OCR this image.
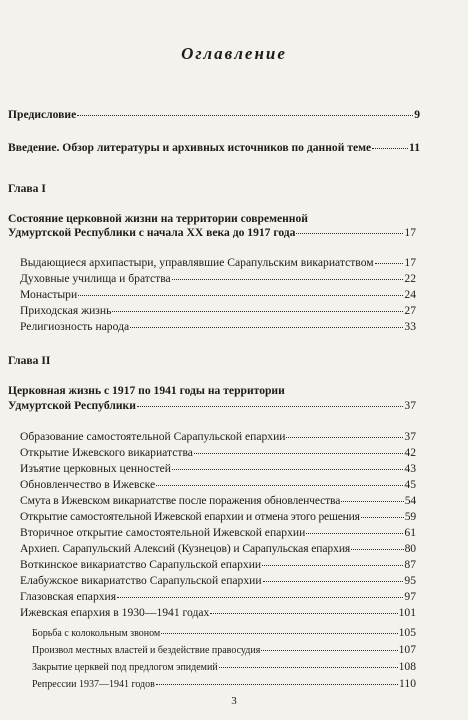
Оглавление
Предисловие	9
Введение. Обзор литературы и архивных источников по данной теме	11
Глава I
Состояние церковной жизни на территории современной
Удмуртской Республики с начала XX века до 1917 года	17
Выдающиеся архипастыри, управлявшие Сарапульским викариатством	17
Духовные училища и братства	22
Монастыри	24
Приходская жизнь	27
Религиозность народа	33
Глава II
Церковная жизнь с 1917 по 1941 годы на территории
Удмуртской Республики	37
Образование самостоятельной Сарапульской епархии	37
Открытие Ижевского викариатства	42
Изъятие церковных ценностей	43
Обновленчество в Ижевске	45
Смута в Ижевском викариатстве после поражения обновленчества	54
Открытие самостоятельной Ижевской епархии и отмена этого решения	59
Вторичное открытие самостоятельной Ижевской епархии	61
Архиеп. Сарапульский Алексий (Кузнецов) и Сарапульская епархия	80
Воткинское викариатство Сарапульской епархии	87
Елабужское викариатство Сарапульской епархии	95
Глазовская епархия	97
Ижевская епархия в 1930—1941 годах	101
Борьба с колокольным звоном	105
Произвол местных властей и бездействие правосудия	107
Закрытие церквей под предлогом эпидемий	108
Репрессии 1937—1941 годов	110
3
